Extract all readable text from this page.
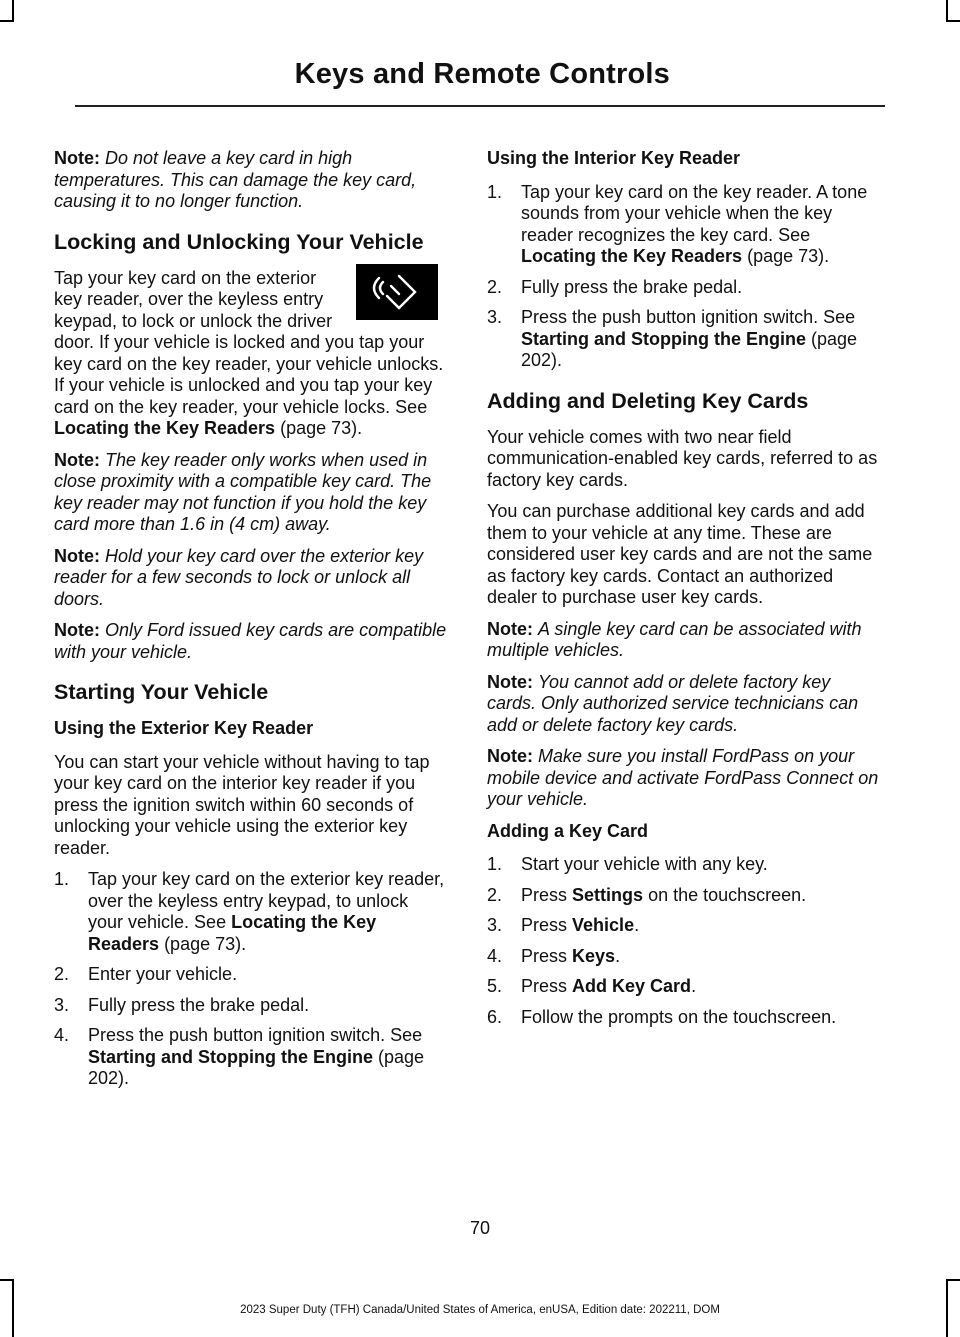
Keys and Remote Controls

Note: Do not leave a key card in high temperatures. This can damage the key card, causing it to no longer function.

Locking and Unlocking Your Vehicle

Tap your key card on the exterior key reader, over the keyless entry keypad, to lock or unlock the driver door. If your vehicle is locked and you tap your key card on the key reader, your vehicle unlocks. If your vehicle is unlocked and you tap your key card on the key reader, your vehicle locks. See Locating the Key Readers (page 73).

Note: The key reader only works when used in close proximity with a compatible key card. The key reader may not function if you hold the key card more than 1.6 in (4 cm) away.

Note: Hold your key card over the exterior key reader for a few seconds to lock or unlock all doors.

Note: Only Ford issued key cards are compatible with your vehicle.

Starting Your Vehicle
Using the Exterior Key Reader

You can start your vehicle without having to tap your key card on the interior key reader if you press the ignition switch within 60 seconds of unlocking your vehicle using the exterior key reader.

1. Tap your key card on the exterior key reader, over the keyless entry keypad, to unlock your vehicle. See Locating the Key Readers (page 73).
2. Enter your vehicle.
3. Fully press the brake pedal.
4. Press the push button ignition switch. See Starting and Stopping the Engine (page 202).
Using the Interior Key Reader
1. Tap your key card on the key reader. A tone sounds from your vehicle when the key reader recognizes the key card. See Locating the Key Readers (page 73).
2. Fully press the brake pedal.
3. Press the push button ignition switch. See Starting and Stopping the Engine (page 202).
Adding and Deleting Key Cards

Your vehicle comes with two near field communication-enabled key cards, referred to as factory key cards.

You can purchase additional key cards and add them to your vehicle at any time. These are considered user key cards and are not the same as factory key cards. Contact an authorized dealer to purchase user key cards.

Note: A single key card can be associated with multiple vehicles.

Note: You cannot add or delete factory key cards. Only authorized service technicians can add or delete factory key cards.

Note: Make sure you install FordPass on your mobile device and activate FordPass Connect on your vehicle.

Adding a Key Card
1. Start your vehicle with any key.
2. Press Settings on the touchscreen.
3. Press Vehicle.
4. Press Keys.
5. Press Add Key Card.
6. Follow the prompts on the touchscreen.
70
2023 Super Duty (TFH) Canada/United States of America, enUSA, Edition date: 202211, DOM
